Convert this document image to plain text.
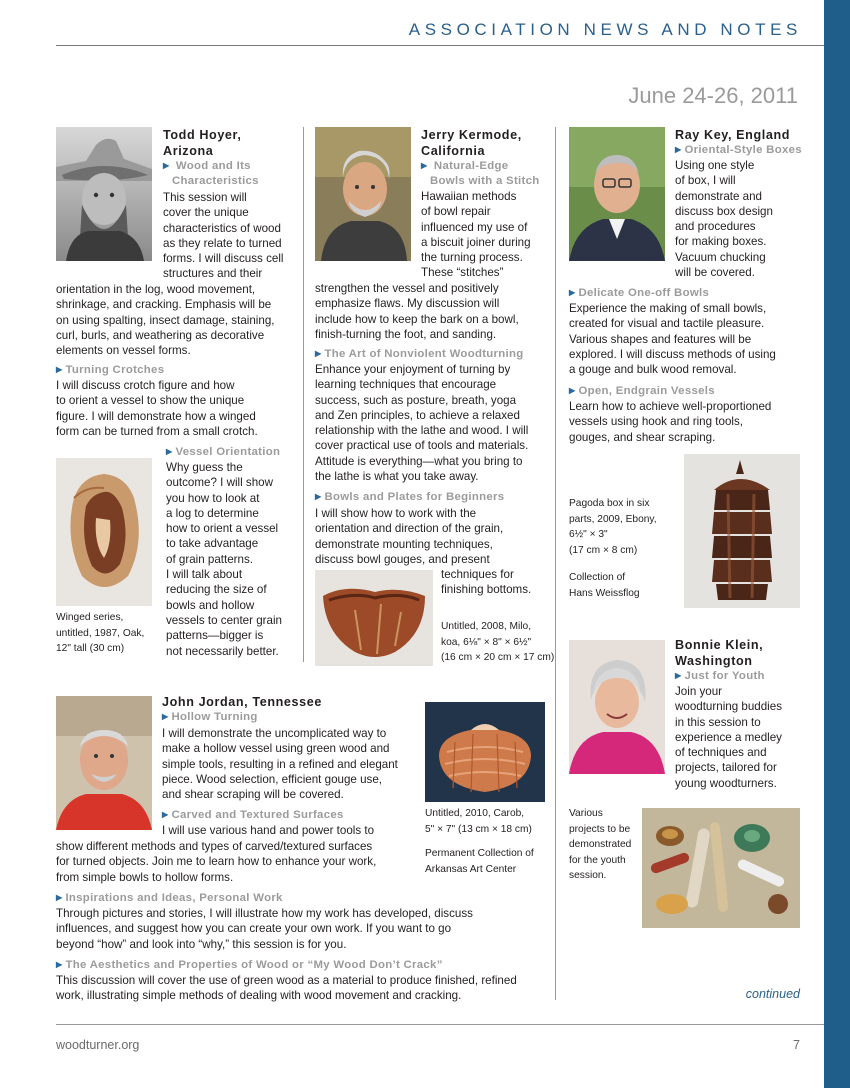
ASSOCIATION NEWS AND NOTES
June 24-26, 2011
Todd Hoyer,
Arizona
▶ Wood and Its
Characteristics
This session will
cover the unique
characteristics of wood
as they relate to turned
forms. I will discuss cell
structures and their
orientation in the log, wood movement,
shrinkage, and cracking. Emphasis will be
on using spalting, insect damage, staining,
curl, burls, and weathering as decorative
elements on vessel forms.
▶ Turning Crotches
I will discuss crotch figure and how
to orient a vessel to show the unique
figure. I will demonstrate how a winged
form can be turned from a small crotch.
▶ Vessel Orientation
Why guess the
outcome? I will show
you how to look at
a log to determine
how to orient a vessel
to take advantage
of grain patterns.
I will talk about
reducing the size of
bowls and hollow
vessels to center grain
patterns—bigger is
not necessarily better.
Winged series,
untitled, 1987, Oak,
12" tall (30 cm)
Jerry Kermode,
California
▶ Natural-Edge
Bowls with a Stitch
Hawaiian methods
of bowl repair
influenced my use of
a biscuit joiner during
the turning process.
These “stitches”
strengthen the vessel and positively
emphasize flaws. My discussion will
include how to keep the bark on a bowl,
finish-turning the foot, and sanding.
▶ The Art of Nonviolent Woodturning
Enhance your enjoyment of turning by
learning techniques that encourage
success, such as posture, breath, yoga
and Zen principles, to achieve a relaxed
relationship with the lathe and wood. I will
cover practical use of tools and materials.
Attitude is everything—what you bring to
the lathe is what you take away.
▶ Bowls and Plates for Beginners
I will show how to work with the
orientation and direction of the grain,
demonstrate mounting techniques,
discuss bowl gouges, and present
techniques for
finishing bottoms.
Untitled, 2008, Milo,
koa, 6⅛" × 8" × 6½"
(16 cm × 20 cm × 17 cm)
Ray Key, England
▶ Oriental-Style Boxes
Using one style
of box, I will
demonstrate and
discuss box design
and procedures
for making boxes.
Vacuum chucking
will be covered.
▶ Delicate One-off Bowls
Experience the making of small bowls,
created for visual and tactile pleasure.
Various shapes and features will be
explored. I will discuss methods of using
a gouge and bulk wood removal.
▶ Open, Endgrain Vessels
Learn how to achieve well-proportioned
vessels using hook and ring tools,
gouges, and shear scraping.
Pagoda box in six
parts, 2009, Ebony,
6½" × 3"
(17 cm × 8 cm)
Collection of
Hans Weissflog
Bonnie Klein,
Washington
▶ Just for Youth
Join your
woodturning buddies
in this session to
experience a medley
of techniques and
projects, tailored for
young woodturners.
Various
projects to be
demonstrated
for the youth
session.
John Jordan, Tennessee
▶ Hollow Turning
I will demonstrate the uncomplicated way to
make a hollow vessel using green wood and
simple tools, resulting in a refined and elegant
piece. Wood selection, efficient gouge use,
and shear scraping will be covered.
▶ Carved and Textured Surfaces
I will use various hand and power tools to
show different methods and types of carved/textured surfaces
for turned objects. Join me to learn how to enhance your work,
from simple bowls to hollow forms.
Untitled, 2010, Carob,
5" × 7" (13 cm × 18 cm)
Permanent Collection of
Arkansas Art Center
▶ Inspirations and Ideas, Personal Work
Through pictures and stories, I will illustrate how my work has developed, discuss
influences, and suggest how you can create your own work. If you want to go
beyond “how” and look into “why,” this session is for you.
▶ The Aesthetics and Properties of Wood or “My Wood Don’t Crack”
This discussion will cover the use of green wood as a material to produce finished, refined
work, illustrating simple methods of dealing with wood movement and cracking.	continued
woodturner.org	7
